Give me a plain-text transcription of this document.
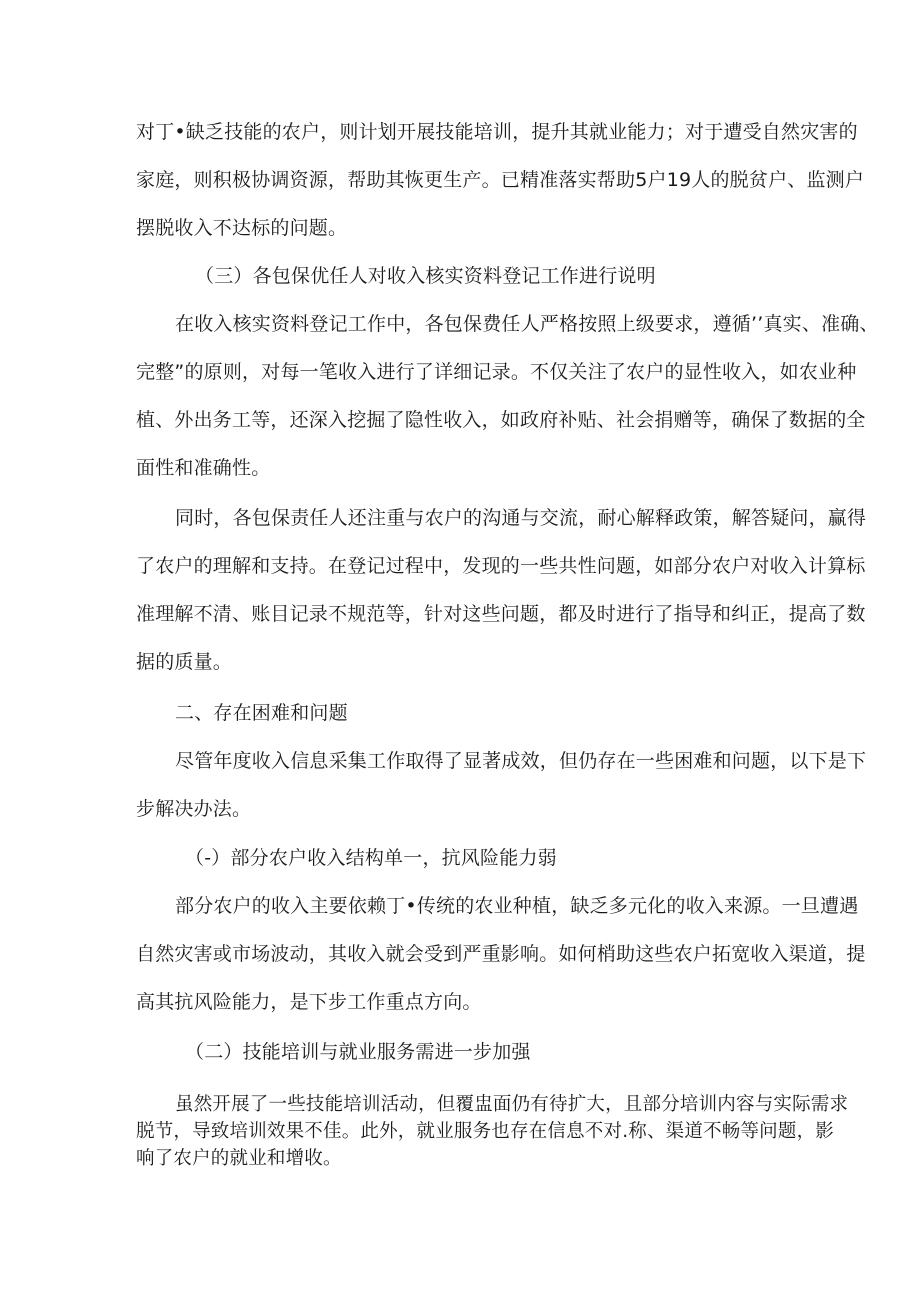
对丁•缺乏技能的农户，则计划开展技能培训，提升其就业能力；对于遭受自然灾害的
家庭，则积极协调资源，帮助其恢更生产。已精准落实帮助5户19人的脱贫户、监测户
摆脱收入不达标的问题。
（三）各包保优任人对收入核实资料登记工作进行说明
在收入核实资料登记工作中，各包保费任人严格按照上级要求，遵循’’真实、准确、
完整”的原则，对每一笔收入进行了详细记录。不仅关注了农户的显性收入，如农业种
植、外出务工等，还深入挖掘了隐性收入，如政府补贴、社会捐赠等，确保了数据的全
面性和准确性。
同时，各包保责任人还注重与农户的沟通与交流，耐心解释政策，解答疑问，赢得
了农户的理解和支持。在登记过程中，发现的一些共性问题，如部分农户对收入计算标
准理解不清、账目记录不规范等，针对这些问题，都及时进行了指导和纠正，提高了数
据的质量。
二、存在困难和问题
尽管年度收入信息采集工作取得了显著成效，但仍存在一些困难和问题，以下是下
步解决办法。
（-）部分农户收入结构单一，抗风险能力弱
部分农户的收入主要依赖丁•传统的农业种植，缺乏多元化的收入来源。一旦遭遇
自然灾害或市场波动，其收入就会受到严重影响。如何梢助这些农户拓宽收入渠道，提
高其抗风险能力，是下步工作重点方向。
（二）技能培训与就业服务需进一步加强
虽然开展了一些技能培训活动，但覆盅面仍有待扩大，且部分培训内容与实际需求
脱节，导致培训效果不佳。此外，就业服务也存在信息不对.称、渠道不畅等问题，影
响了农户的就业和增收。
